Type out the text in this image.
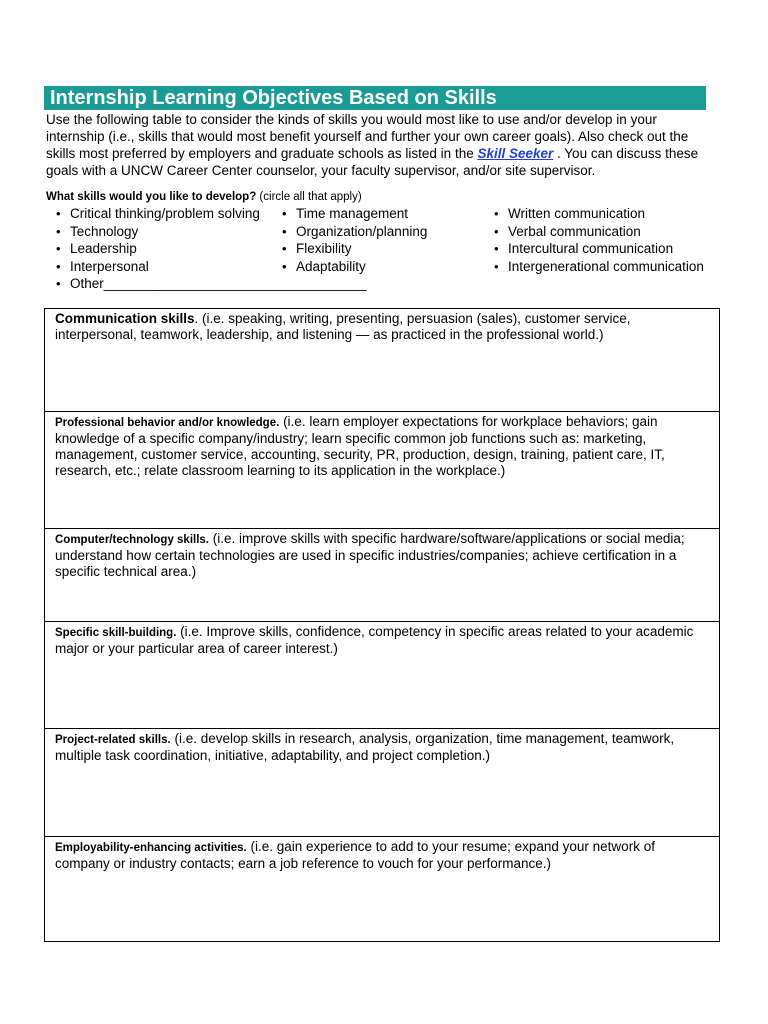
Internship Learning Objectives Based on Skills
Use the following table to consider the kinds of skills you would most like to use and/or develop in your internship (i.e., skills that would most benefit yourself and further your own career goals). Also check out the skills most preferred by employers and graduate schools as listed in the Skill Seeker . You can discuss these goals with a UNCW Career Center counselor, your faculty supervisor, and/or site supervisor.
What skills would you like to develop? (circle all that apply)
• Critical thinking/problem solving
• Technology
• Leadership
• Interpersonal
• Other___________________________________
• Time management
• Organization/planning
• Flexibility
• Adaptability
• Written communication
• Verbal communication
• Intercultural communication
• Intergenerational communication
Communication skills. (i.e. speaking, writing, presenting, persuasion (sales), customer service, interpersonal, teamwork, leadership, and listening — as practiced in the professional world.)
Professional behavior and/or knowledge. (i.e. learn employer expectations for workplace behaviors; gain knowledge of a specific company/industry; learn specific common job functions such as: marketing, management, customer service, accounting, security, PR, production, design, training, patient care, IT, research, etc.; relate classroom learning to its application in the workplace.)
Computer/technology skills. (i.e. improve skills with specific hardware/software/applications or social media; understand how certain technologies are used in specific industries/companies; achieve certification in a specific technical area.)
Specific skill-building. (i.e. Improve skills, confidence, competency in specific areas related to your academic major or your particular area of career interest.)
Project-related skills. (i.e. develop skills in research, analysis, organization, time management, teamwork, multiple task coordination, initiative, adaptability, and project completion.)
Employability-enhancing activities. (i.e. gain experience to add to your resume; expand your network of company or industry contacts; earn a job reference to vouch for your performance.)
